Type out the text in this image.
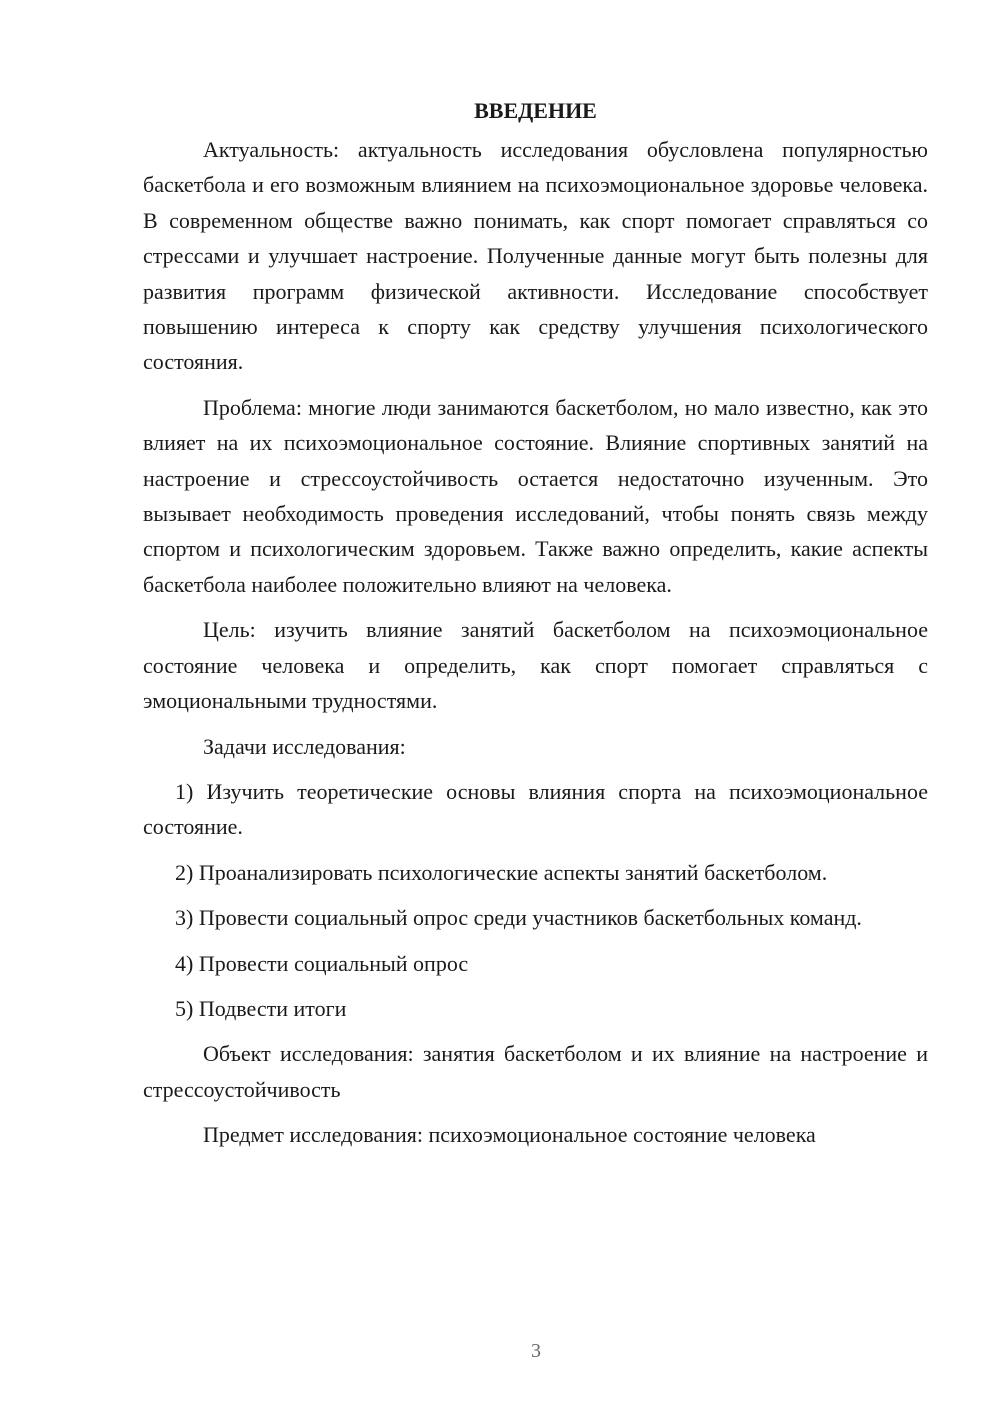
ВВЕДЕНИЕ

Актуальность: актуальность исследования обусловлена популярностью баскетбола и его возможным влиянием на психоэмоциональное здоровье человека. В современном обществе важно понимать, как спорт помогает справляться со стрессами и улучшает настроение. Полученные данные могут быть полезны для развития программ физической активности. Исследование способствует повышению интереса к спорту как средству улучшения психологического состояния.

Проблема: многие люди занимаются баскетболом, но мало известно, как это влияет на их психоэмоциональное состояние. Влияние спортивных занятий на настроение и стрессоустойчивость остается недостаточно изученным. Это вызывает необходимость проведения исследований, чтобы понять связь между спортом и психологическим здоровьем. Также важно определить, какие аспекты баскетбола наиболее положительно влияют на человека.

Цель: изучить влияние занятий баскетболом на психоэмоциональное состояние человека и определить, как спорт помогает справляться с эмоциональными трудностями.

Задачи исследования:

1) Изучить теоретические основы влияния спорта на психоэмоциональное состояние.

2) Проанализировать психологические аспекты занятий баскетболом.

3) Провести социальный опрос среди участников баскетбольных команд.

4) Провести социальный опрос

5) Подвести итоги

Объект исследования: занятия баскетболом и их влияние на настроение и стрессоустойчивость

Предмет исследования: психоэмоциональное состояние человека

3
